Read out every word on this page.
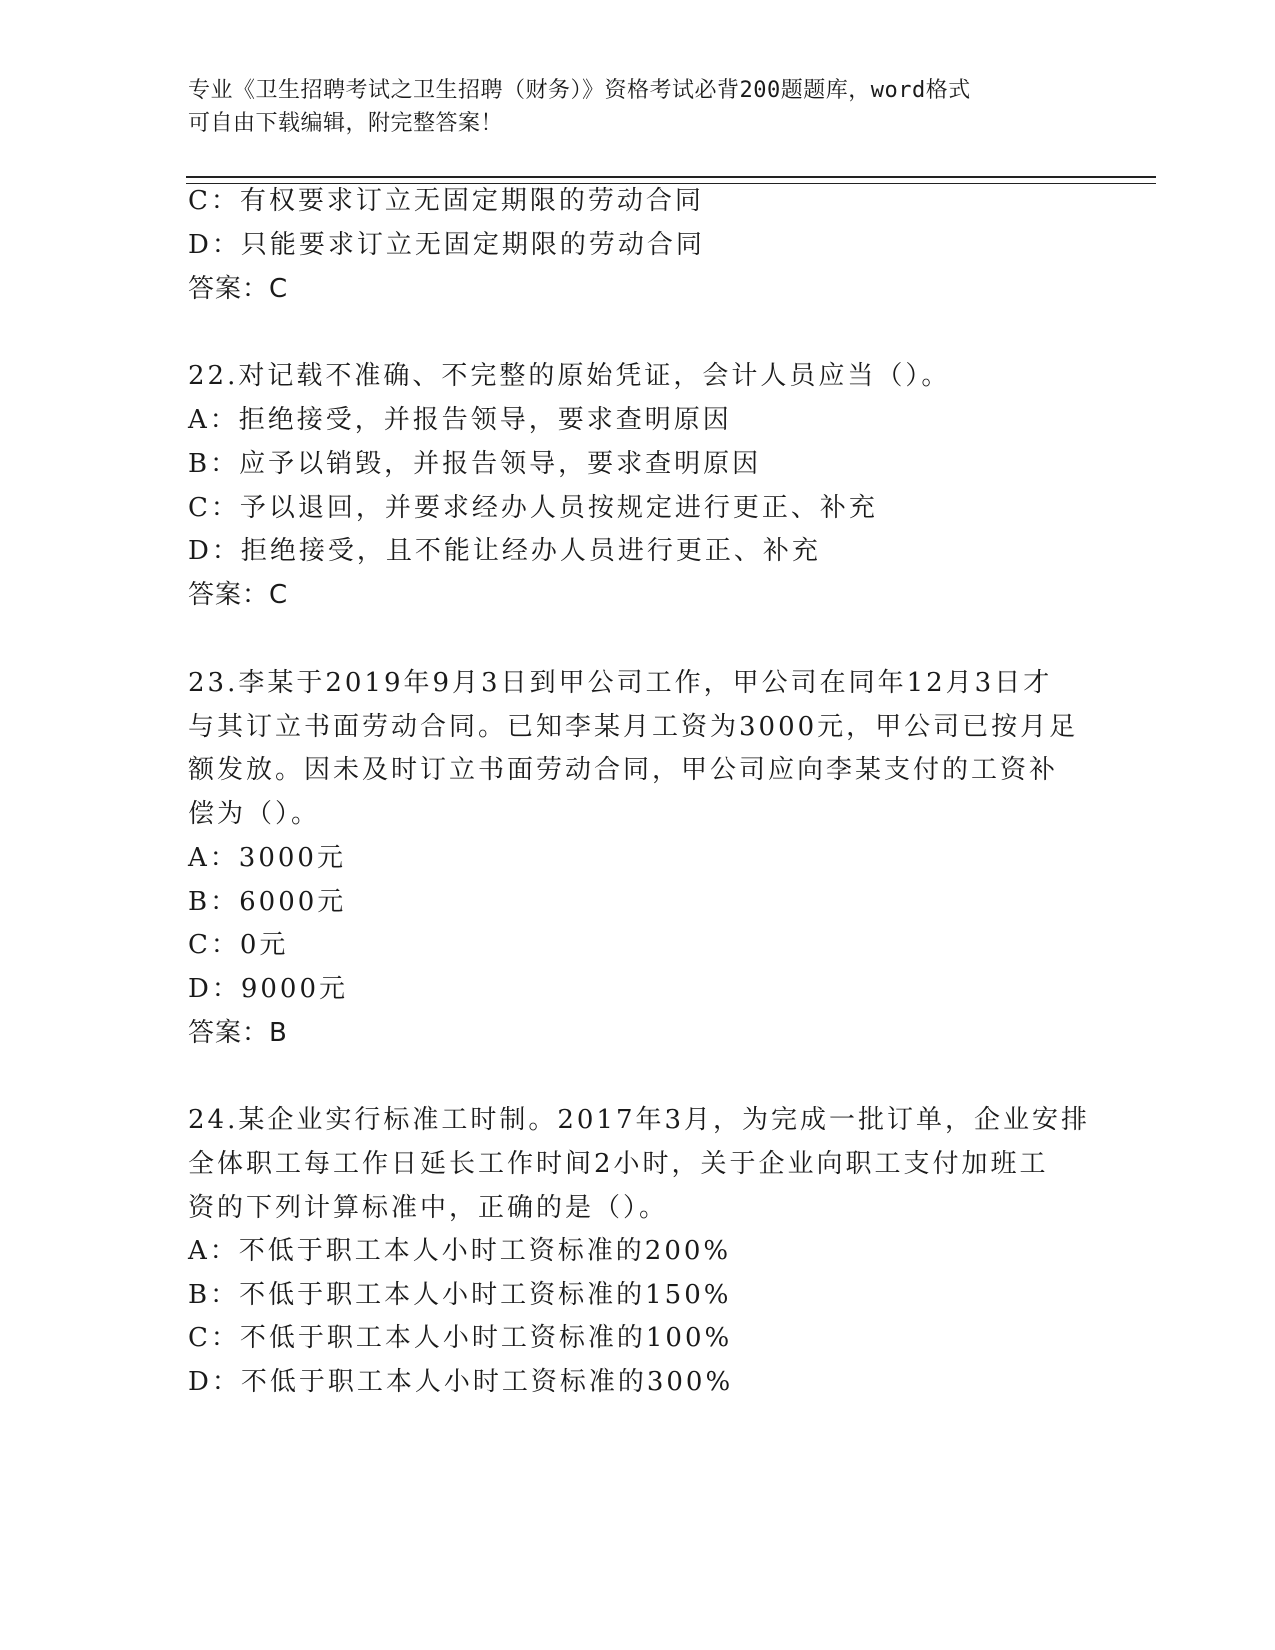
专业《卫生招聘考试之卫生招聘（财务）》资格考试必背200题题库，word格式
可自由下载编辑，附完整答案！
C：有权要求订立无固定期限的劳动合同
D：只能要求订立无固定期限的劳动合同
答案：C
22.对记载不准确、不完整的原始凭证，会计人员应当（）。
A：拒绝接受，并报告领导，要求查明原因
B：应予以销毁，并报告领导，要求查明原因
C：予以退回，并要求经办人员按规定进行更正、补充
D：拒绝接受，且不能让经办人员进行更正、补充
答案：C
23.李某于2019年9月3日到甲公司工作，甲公司在同年12月3日才
与其订立书面劳动合同。已知李某月工资为3000元，甲公司已按月足
额发放。因未及时订立书面劳动合同，甲公司应向李某支付的工资补
偿为（）。
A：3000元
B：6000元
C：0元
D：9000元
答案：B
24.某企业实行标准工时制。2017年3月，为完成一批订单，企业安排
全体职工每工作日延长工作时间2小时，关于企业向职工支付加班工
资的下列计算标准中，正确的是（）。
A：不低于职工本人小时工资标准的200%
B：不低于职工本人小时工资标准的150%
C：不低于职工本人小时工资标准的100%
D：不低于职工本人小时工资标准的300%
